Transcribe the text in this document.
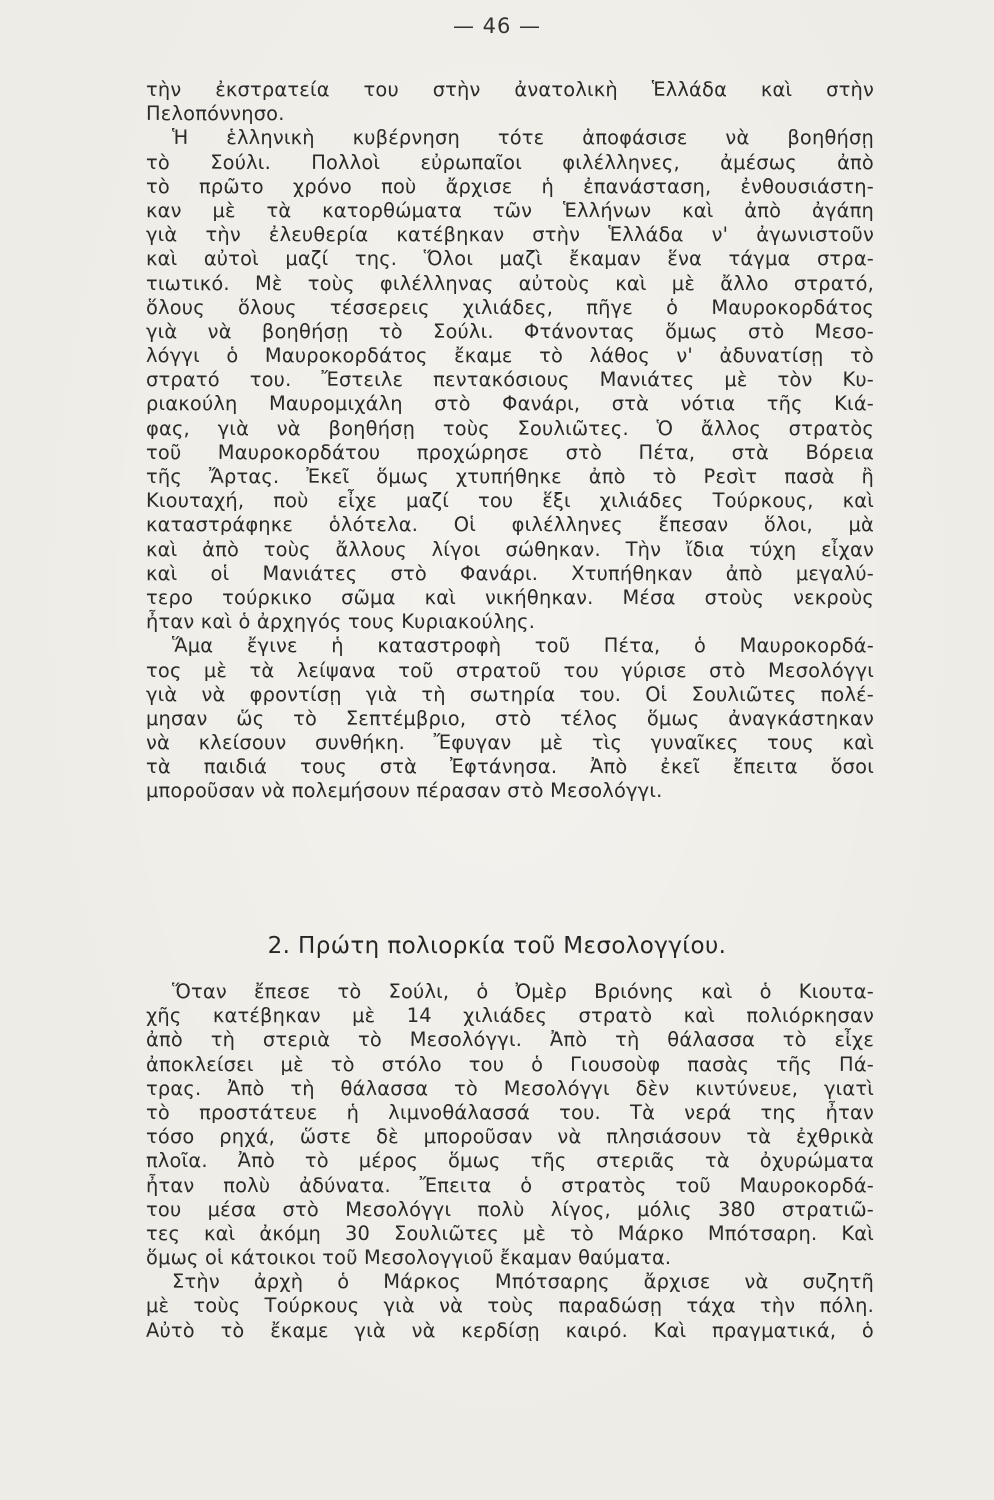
— 46 —
τὴν ἐκστρατεία του στὴν ἀνατολικὴ Ἑλλάδα καὶ στὴν
Πελοπόννησο.
Ἡ ἑλληνικὴ κυβέρνηση τότε ἀποφάσισε νὰ βοηθήσῃ
τὸ Σούλι. Πολλοὶ εὐρωπαῖοι φιλέλληνες, ἀμέσως ἀπὸ
τὸ πρῶτο χρόνο ποὺ ἄρχισε ἡ ἐπανάσταση, ἐνθουσιάστη-
καν μὲ τὰ κατορθώματα τῶν Ἑλλήνων καὶ ἀπὸ ἀγάπη
γιὰ τὴν ἐλευθερία κατέβηκαν στὴν Ἑλλάδα ν' ἀγωνιστοῦν
καὶ αὐτοὶ μαζί της. Ὅλοι μαζὶ ἔκαμαν ἕνα τάγμα στρα-
τιωτικό. Μὲ τοὺς φιλέλληνας αὐτοὺς καὶ μὲ ἄλλο στρατό,
ὅλους ὅλους τέσσερεις χιλιάδες, πῆγε ὁ Μαυροκορδάτος
γιὰ νὰ βοηθήσῃ τὸ Σούλι. Φτάνοντας ὅμως στὸ Μεσο-
λόγγι ὁ Μαυροκορδάτος ἔκαμε τὸ λάθος ν' ἀδυνατίσῃ τὸ
στρατό του. Ἔστειλε πεντακόσιους Μανιάτες μὲ τὸν Κυ-
ριακούλη Μαυρομιχάλη στὸ Φανάρι, στὰ νότια τῆς Κιά-
φας, γιὰ νὰ βοηθήσῃ τοὺς Σουλιῶτες. Ὁ ἄλλος στρατὸς
τοῦ Μαυροκορδάτου προχώρησε στὸ Πέτα, στὰ Βόρεια
τῆς Ἄρτας. Ἐκεῖ ὅμως χτυπήθηκε ἀπὸ τὸ Ρεσὶτ πασὰ ἢ
Κιουταχή, ποὺ εἶχε μαζί του ἕξι χιλιάδες Τούρκους, καὶ
καταστράφηκε ὁλότελα. Οἱ φιλέλληνες ἔπεσαν ὅλοι, μὰ
καὶ ἀπὸ τοὺς ἄλλους λίγοι σώθηκαν. Τὴν ἴδια τύχη εἶχαν
καὶ οἱ Μανιάτες στὸ Φανάρι. Χτυπήθηκαν ἀπὸ μεγαλύ-
τερο τούρκικο σῶμα καὶ νικήθηκαν. Μέσα στοὺς νεκροὺς
ἦταν καὶ ὁ ἀρχηγός τους Κυριακούλης.
Ἅμα ἔγινε ἡ καταστροφὴ τοῦ Πέτα, ὁ Μαυροκορδά-
τος μὲ τὰ λείψανα τοῦ στρατοῦ του γύρισε στὸ Μεσολόγγι
γιὰ νὰ φροντίσῃ γιὰ τὴ σωτηρία του. Οἱ Σουλιῶτες πολέ-
μησαν ὥς τὸ Σεπτέμβριο, στὸ τέλος ὅμως ἀναγκάστηκαν
νὰ κλείσουν συνθήκη. Ἔφυγαν μὲ τὶς γυναῖκες τους καὶ
τὰ παιδιά τους στὰ Ἐφτάνησα. Ἀπὸ ἐκεῖ ἔπειτα ὅσοι
μποροῦσαν νὰ πολεμήσουν πέρασαν στὸ Μεσολόγγι.
2. Πρώτη πολιορκία τοῦ Μεσολογγίου.
Ὅταν ἔπεσε τὸ Σούλι, ὁ Ὀμὲρ Βριόνης καὶ ὁ Κιουτα-
χῆς κατέβηκαν μὲ 14 χιλιάδες στρατὸ καὶ πολιόρκησαν
ἀπὸ τὴ στεριὰ τὸ Μεσολόγγι. Ἀπὸ τὴ θάλασσα τὸ εἶχε
ἀποκλείσει μὲ τὸ στόλο του ὁ Γιουσοὺφ πασὰς τῆς Πά-
τρας. Ἀπὸ τὴ θάλασσα τὸ Μεσολόγγι δὲν κιντύνευε, γιατὶ
τὸ προστάτευε ἡ λιμνοθάλασσά του. Τὰ νερά της ἦταν
τόσο ρηχά, ὥστε δὲ μποροῦσαν νὰ πλησιάσουν τὰ ἐχθρικὰ
πλοῖα. Ἀπὸ τὸ μέρος ὅμως τῆς στεριᾶς τὰ ὀχυρώματα
ἦταν πολὺ ἀδύνατα. Ἔπειτα ὁ στρατὸς τοῦ Μαυροκορδά-
του μέσα στὸ Μεσολόγγι πολὺ λίγος, μόλις 380 στρατιῶ-
τες καὶ ἀκόμη 30 Σουλιῶτες μὲ τὸ Μάρκο Μπότσαρη. Καὶ
ὅμως οἱ κάτοικοι τοῦ Μεσολογγιοῦ ἔκαμαν θαύματα.
Στὴν ἀρχὴ ὁ Μάρκος Μπότσαρης ἄρχισε νὰ συζητῆ
μὲ τοὺς Τούρκους γιὰ νὰ τοὺς παραδώσῃ τάχα τὴν πόλη.
Αὐτὸ τὸ ἔκαμε γιὰ νὰ κερδίσῃ καιρό. Καὶ πραγματικά, ὁ
